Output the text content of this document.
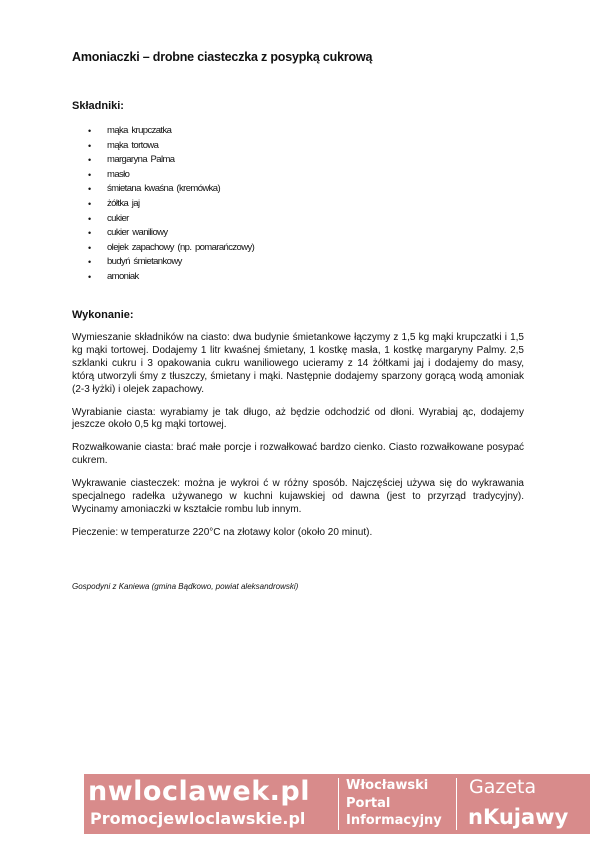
Amoniaczki – drobne ciasteczka z posypką cukrową
Składniki:
• mąka krupczatka
• mąka tortowa
• margaryna Palma
• masło
• śmietana kwaśna (kremówka)
• żółtka jaj
• cukier
• cukier waniliowy
• olejek zapachowy (np. pomarańczowy)
• budyń śmietankowy
• amoniak
Wykonanie:

Wymieszanie składników na ciasto: dwa budynie śmietankowe łączymy z 1,5 kg mąki krupczatki i 1,5 kg mąki tortowej. Dodajemy 1 litr kwaśnej śmietany, 1 kostkę masła, 1 kostkę margaryny Palmy. 2,5 szklanki cukru i 3 opakowania cukru waniliowego ucieramy z 14 żółtkami jaj i dodajemy do masy, którą utworzyli śmy z tłuszczy, śmietany i mąki. Następnie dodajemy sparzony gorącą wodą amoniak (2-3 łyżki) i olejek zapachowy.

Wyrabianie ciasta: wyrabiamy je tak długo, aż będzie odchodzić od dłoni. Wyrabiaj ąc, dodajemy jeszcze około 0,5 kg mąki tortowej.

Rozwałkowanie ciasta: brać małe porcje i rozwałkować bardzo cienko. Ciasto rozwałkowane posypać cukrem.

Wykrawanie ciasteczek: można je wykroi ć w różny sposób. Najczęściej używa się do wykrawania specjalnego radełka używanego w kuchni kujawskiej od dawna (jest to przyrząd tradycyjny). Wycinamy amoniaczki w kształcie rombu lub innym.

Pieczenie: w temperaturze 220°C na złotawy kolor (około 20 minut).

Gospodyni z Kaniewa (gmina Bądkowo, powiat aleksandrowski)
nwloclawek.pl
Promocjewloclawskie.pl
Włocławski
Portal
Informacyjny
Gazeta
nKujawy
